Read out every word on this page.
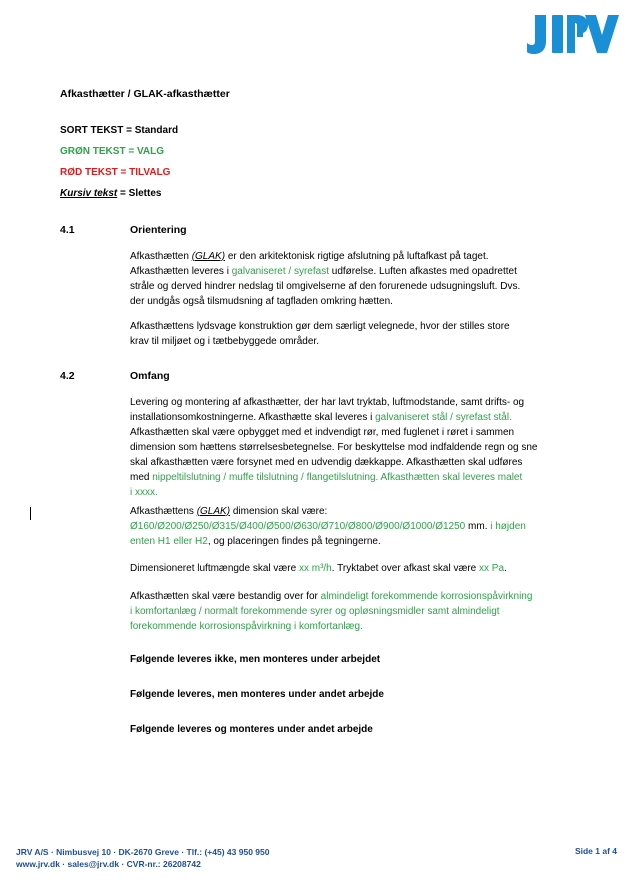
Afkasthætter / GLAK-afkasthætter
SORT TEKST = Standard
GRØN TEKST = VALG
RØD TEKST = TILVALG
Kursiv tekst = Slettes
4.1	Orientering
Afkasthætten (GLAK) er den arkitektonisk rigtige afslutning på luftafkast på taget.
Afkasthætten leveres i galvaniseret / syrefast udførelse. Luften afkastes med opadrettet
stråle og derved hindrer nedslag til omgivelserne af den forurenede udsugningsluft. Dvs.
der undgås også tilsmudsning af tagfladen omkring hætten.
Afkasthættens lydsvage konstruktion gør dem særligt velegnede, hvor der stilles store
krav til miljøet og i tætbebyggede områder.
4.2	Omfang
Levering og montering af afkasthætter, der har lavt tryktab, luftmodstande, samt drifts- og
installationsomkostningerne. Afkasthætte skal leveres i galvaniseret stål / syrefast stål.
Afkasthætten skal være opbygget med et indvendigt rør, med fuglenet i røret i sammen
dimension som hættens størrelsesbetegnelse. For beskyttelse mod indfaldende regn og sne
skal afkasthætten være forsynet med en udvendig dækkappe. Afkasthætten skal udføres
med nippeltilslutning / muffe tilslutning / flangetilslutning. Afkasthætten skal leveres malet
i xxxx.
Afkasthættens (GLAK) dimension skal være:
Ø160/Ø200/Ø250/Ø315/Ø400/Ø500/Ø630/Ø710/Ø800/Ø900/Ø1000/Ø1250 mm. i højden
enten H1 eller H2, og placeringen findes på tegningerne.
Dimensioneret luftmængde skal være xx m³/h. Tryktabet over afkast skal være xx Pa.
Afkasthætten skal være bestandig over for almindeligt forekommende korrosionspåvirkning
i komfortanlæg / normalt forekommende syrer og opløsningsmidler samt almindeligt
forekommende korrosionspåvirkning i komfortanlæg.
Følgende leveres ikke, men monteres under arbejdet
Følgende leveres, men monteres under andet arbejde
Følgende leveres og monteres under andet arbejde
JRV A/S · Nimbusvej 10 · DK-2670 Greve · Tlf.: (+45) 43 950 950
www.jrv.dk · sales@jrv.dk · CVR-nr.: 26208742
Side 1 af 4
